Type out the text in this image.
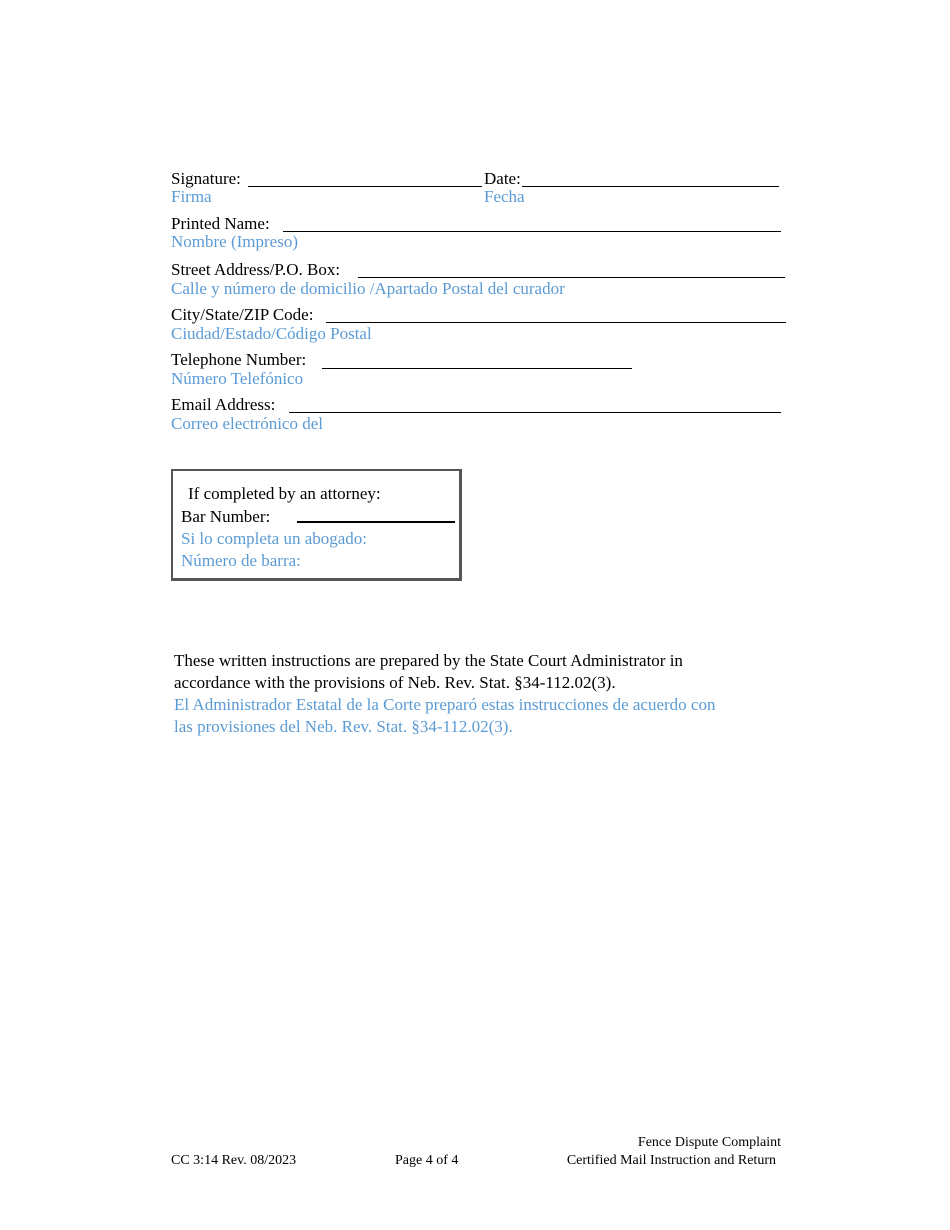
Signature:
Firma
Date:
Fecha
Printed Name:
Nombre (Impreso)
Street Address/P.O. Box:
Calle y número de domicilio /Apartado Postal del curador
City/State/ZIP Code:
Ciudad/Estado/Código Postal
Telephone Number:
Número Telefónico
Email Address:
Correo electrónico del
If completed by an attorney:
Bar Number:
Si lo completa un abogado:
Número de barra:
These written instructions are prepared by the State Court Administrator in
accordance with the provisions of Neb. Rev. Stat. §34-112.02(3).
El Administrador Estatal de la Corte preparó estas instrucciones de acuerdo con
las provisiones del Neb. Rev. Stat. §34-112.02(3).
CC 3:14 Rev. 08/2023	Page 4 of 4
Fence Dispute Complaint
Certified Mail Instruction and Return
